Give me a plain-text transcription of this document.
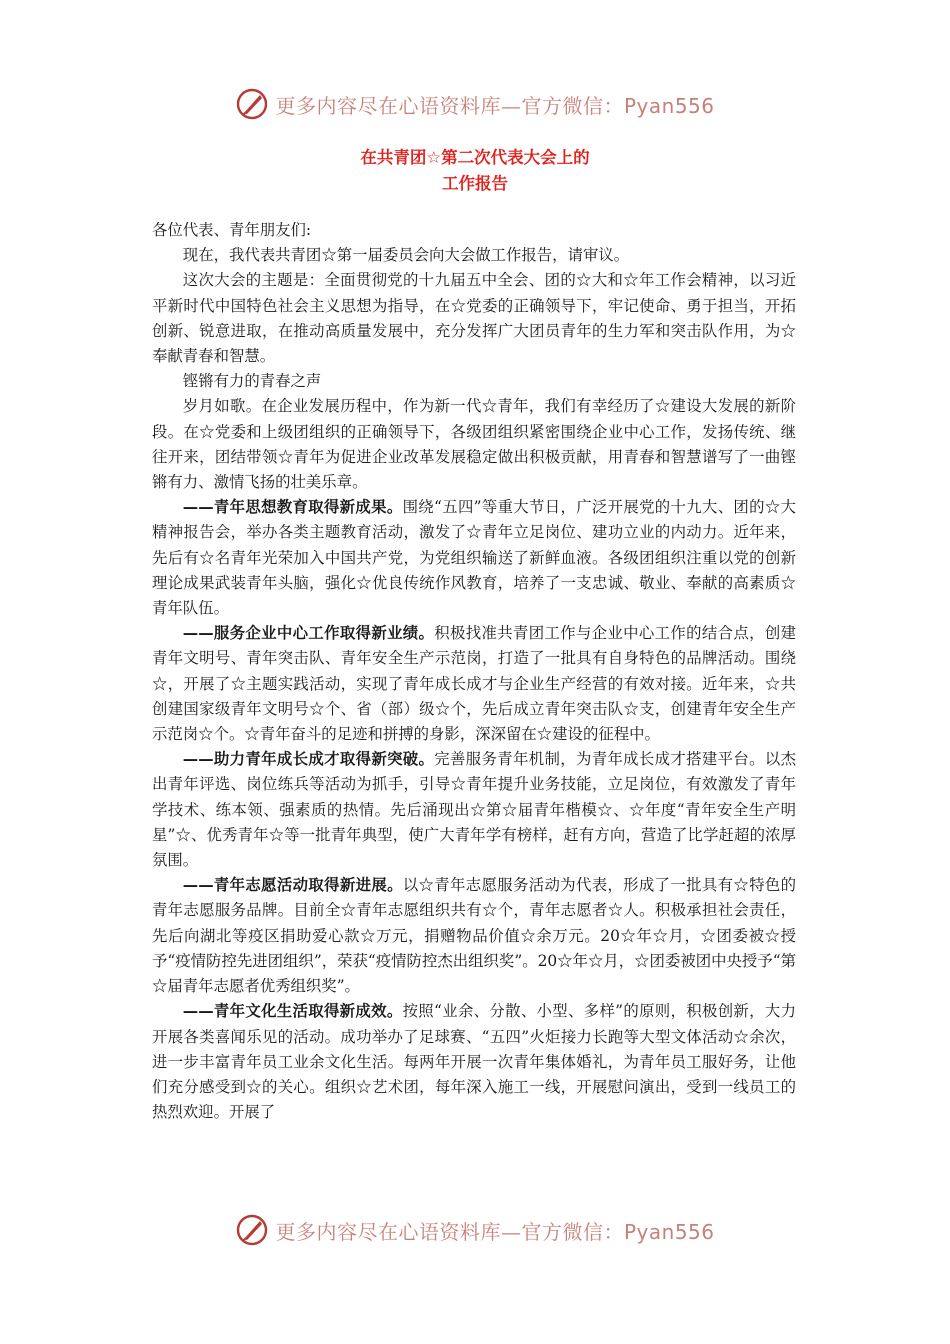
更多内容尽在心语资料库—官方微信：Pyan556
在共青团☆第二次代表大会上的
工作报告

各位代表、青年朋友们:

现在，我代表共青团☆第一届委员会向大会做工作报告，请审议。

这次大会的主题是：全面贯彻党的十九届五中全会、团的☆大和☆年工作会精神，以习近平新时代中国特色社会主义思想为指导，在☆党委的正确领导下，牢记使命、勇于担当，开拓创新、锐意进取，在推动高质量发展中，充分发挥广大团员青年的生力军和突击队作用，为☆奉献青春和智慧。

铿锵有力的青春之声

岁月如歌。在企业发展历程中，作为新一代☆青年，我们有幸经历了☆建设大发展的新阶段。在☆党委和上级团组织的正确领导下，各级团组织紧密围绕企业中心工作，发扬传统、继往开来，团结带领☆青年为促进企业改革发展稳定做出积极贡献，用青春和智慧谱写了一曲铿锵有力、激情飞扬的壮美乐章。

——青年思想教育取得新成果。围绕“五四”等重大节日，广泛开展党的十九大、团的☆大精神报告会，举办各类主题教育活动，激发了☆青年立足岗位、建功立业的内动力。近年来，先后有☆名青年光荣加入中国共产党，为党组织输送了新鲜血液。各级团组织注重以党的创新理论成果武装青年头脑，强化☆优良传统作风教育，培养了一支忠诚、敬业、奉献的高素质☆青年队伍。

——服务企业中心工作取得新业绩。积极找准共青团工作与企业中心工作的结合点，创建青年文明号、青年突击队、青年安全生产示范岗，打造了一批具有自身特色的品牌活动。围绕☆，开展了☆主题实践活动，实现了青年成长成才与企业生产经营的有效对接。近年来，☆共创建国家级青年文明号☆个、省（部）级☆个，先后成立青年突击队☆支，创建青年安全生产示范岗☆个。☆青年奋斗的足迹和拼搏的身影，深深留在☆建设的征程中。

——助力青年成长成才取得新突破。完善服务青年机制，为青年成长成才搭建平台。以杰出青年评选、岗位练兵等活动为抓手，引导☆青年提升业务技能，立足岗位，有效激发了青年学技术、练本领、强素质的热情。先后涌现出☆第☆届青年楷模☆、☆年度“青年安全生产明星”☆、优秀青年☆等一批青年典型，使广大青年学有榜样，赶有方向，营造了比学赶超的浓厚氛围。

——青年志愿活动取得新进展。以☆青年志愿服务活动为代表，形成了一批具有☆特色的青年志愿服务品牌。目前全☆青年志愿组织共有☆个，青年志愿者☆人。积极承担社会责任，先后向湖北等疫区捐助爱心款☆万元，捐赠物品价值☆余万元。20☆年☆月，☆团委被☆授予“疫情防控先进团组织”，荣获“疫情防控杰出组织奖”。20☆年☆月，☆团委被团中央授予“第☆届青年志愿者优秀组织奖”。

——青年文化生活取得新成效。按照“业余、分散、小型、多样”的原则，积极创新，大力开展各类喜闻乐见的活动。成功举办了足球赛、“五四”火炬接力长跑等大型文体活动☆余次，进一步丰富青年员工业余文化生活。每两年开展一次青年集体婚礼，为青年员工服好务，让他们充分感受到☆的关心。组织☆艺术团，每年深入施工一线，开展慰问演出，受到一线员工的热烈欢迎。开展了

更多内容尽在心语资料库—官方微信：Pyan556
